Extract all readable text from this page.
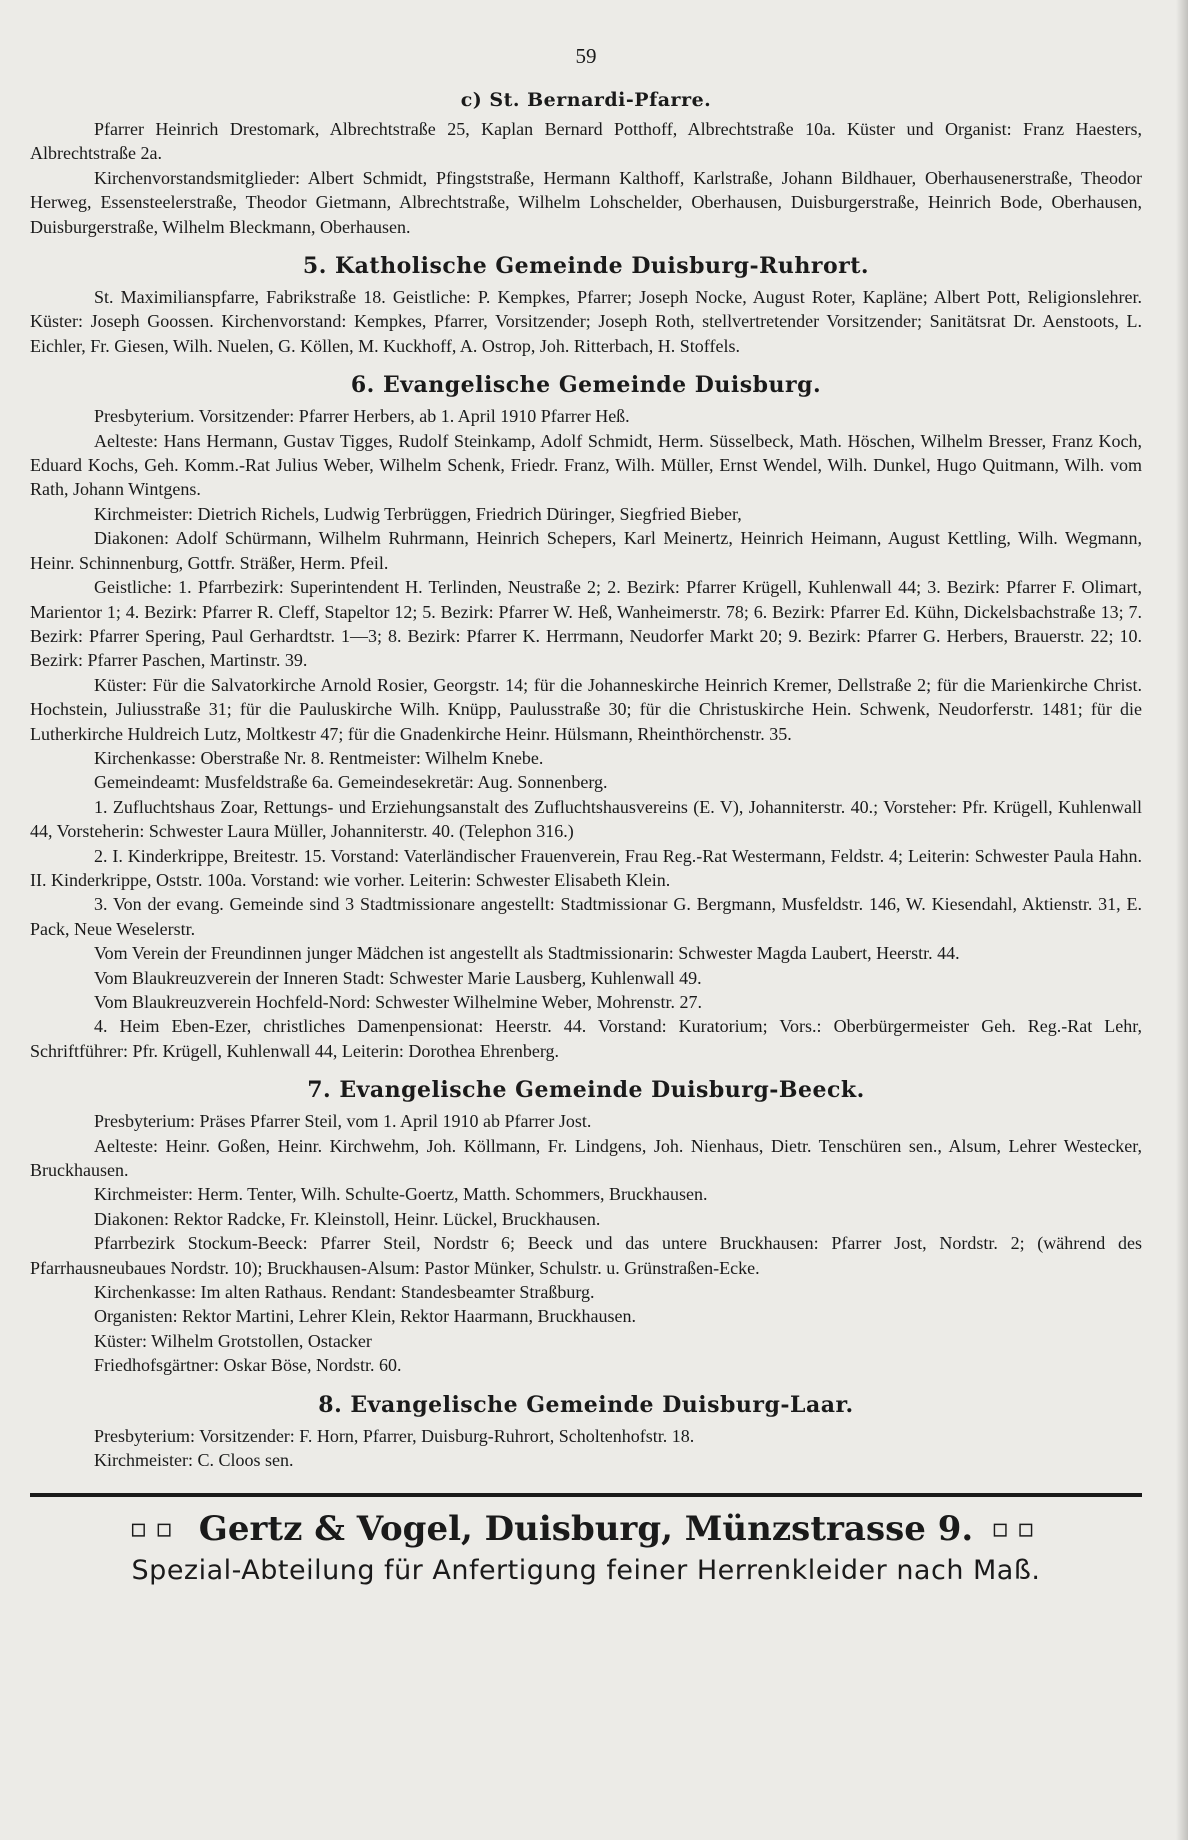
59
c) St. Bernardi-Pfarre.

Pfarrer Heinrich Drestomark, Albrechtstraße 25, Kaplan Bernard Potthoff, Albrechtstraße 10a. Küster und Organist: Franz Haesters, Albrechtstraße 2a.

Kirchenvorstandsmitglieder: Albert Schmidt, Pfingststraße, Hermann Kalthoff, Karlstraße, Johann Bildhauer, Oberhausenerstraße, Theodor Herweg, Essensteelerstraße, Theodor Gietmann, Albrechtstraße, Wilhelm Lohschelder, Oberhausen, Duisburgerstraße, Heinrich Bode, Oberhausen, Duisburgerstraße, Wilhelm Bleckmann, Oberhausen.

5. Katholische Gemeinde Duisburg-Ruhrort.

St. Maximilianspfarre, Fabrikstraße 18. Geistliche: P. Kempkes, Pfarrer; Joseph Nocke, August Roter, Kapläne; Albert Pott, Religionslehrer. Küster: Joseph Goossen. Kirchenvorstand: Kempkes, Pfarrer, Vorsitzender; Joseph Roth, stellvertretender Vorsitzender; Sanitätsrat Dr. Aenstoots, L. Eichler, Fr. Giesen, Wilh. Nuelen, G. Köllen, M. Kuckhoff, A. Ostrop, Joh. Ritterbach, H. Stoffels.

6. Evangelische Gemeinde Duisburg.

Presbyterium. Vorsitzender: Pfarrer Herbers, ab 1. April 1910 Pfarrer Heß.

Aelteste: Hans Hermann, Gustav Tigges, Rudolf Steinkamp, Adolf Schmidt, Herm. Süsselbeck, Math. Höschen, Wilhelm Bresser, Franz Koch, Eduard Kochs, Geh. Komm.-Rat Julius Weber, Wilhelm Schenk, Friedr. Franz, Wilh. Müller, Ernst Wendel, Wilh. Dunkel, Hugo Quitmann, Wilh. vom Rath, Johann Wintgens.

Kirchmeister: Dietrich Richels, Ludwig Terbrüggen, Friedrich Düringer, Siegfried Bieber,

Diakonen: Adolf Schürmann, Wilhelm Ruhrmann, Heinrich Schepers, Karl Meinertz, Heinrich Heimann, August Kettling, Wilh. Wegmann, Heinr. Schinnenburg, Gottfr. Sträßer, Herm. Pfeil.

Geistliche: 1. Pfarrbezirk: Superintendent H. Terlinden, Neustraße 2; 2. Bezirk: Pfarrer Krügell, Kuhlenwall 44; 3. Bezirk: Pfarrer F. Olimart, Marientor 1; 4. Bezirk: Pfarrer R. Cleff, Stapeltor 12; 5. Bezirk: Pfarrer W. Heß, Wanheimerstr. 78; 6. Bezirk: Pfarrer Ed. Kühn, Dickelsbachstraße 13; 7. Bezirk: Pfarrer Spering, Paul Gerhardtstr. 1—3; 8. Bezirk: Pfarrer K. Herrmann, Neudorfer Markt 20; 9. Bezirk: Pfarrer G. Herbers, Brauerstr. 22; 10. Bezirk: Pfarrer Paschen, Martinstr. 39.

Küster: Für die Salvatorkirche Arnold Rosier, Georgstr. 14; für die Johanneskirche Heinrich Kremer, Dellstraße 2; für die Marienkirche Christ. Hochstein, Juliusstraße 31; für die Pauluskirche Wilh. Knüpp, Paulusstraße 30; für die Christuskirche Hein. Schwenk, Neudorferstr. 1481; für die Lutherkirche Huldreich Lutz, Moltkestr 47; für die Gnadenkirche Heinr. Hülsmann, Rheinthörchenstr. 35.

Kirchenkasse: Oberstraße Nr. 8. Rentmeister: Wilhelm Knebe.

Gemeindeamt: Musfeldstraße 6a. Gemeindesekretär: Aug. Sonnenberg.

1. Zufluchtshaus Zoar, Rettungs- und Erziehungsanstalt des Zufluchtshausvereins (E. V), Johanniterstr. 40.; Vorsteher: Pfr. Krügell, Kuhlenwall 44, Vorsteherin: Schwester Laura Müller, Johanniterstr. 40. (Telephon 316.)

2. I. Kinderkrippe, Breitestr. 15. Vorstand: Vaterländischer Frauenverein, Frau Reg.-Rat Westermann, Feldstr. 4; Leiterin: Schwester Paula Hahn. II. Kinderkrippe, Oststr. 100a. Vorstand: wie vorher. Leiterin: Schwester Elisabeth Klein.

3. Von der evang. Gemeinde sind 3 Stadtmissionare angestellt: Stadtmissionar G. Bergmann, Musfeldstr. 146, W. Kiesendahl, Aktienstr. 31, E. Pack, Neue Weselerstr.

Vom Verein der Freundinnen junger Mädchen ist angestellt als Stadtmissionarin: Schwester Magda Laubert, Heerstr. 44.

Vom Blaukreuzverein der Inneren Stadt: Schwester Marie Lausberg, Kuhlenwall 49.

Vom Blaukreuzverein Hochfeld-Nord: Schwester Wilhelmine Weber, Mohrenstr. 27.

4. Heim Eben-Ezer, christliches Damenpensionat: Heerstr. 44. Vorstand: Kuratorium; Vors.: Oberbürgermeister Geh. Reg.-Rat Lehr, Schriftführer: Pfr. Krügell, Kuhlenwall 44, Leiterin: Dorothea Ehrenberg.

7. Evangelische Gemeinde Duisburg-Beeck.

Presbyterium: Präses Pfarrer Steil, vom 1. April 1910 ab Pfarrer Jost.

Aelteste: Heinr. Goßen, Heinr. Kirchwehm, Joh. Köllmann, Fr. Lindgens, Joh. Nienhaus, Dietr. Tenschüren sen., Alsum, Lehrer Westecker, Bruckhausen.

Kirchmeister: Herm. Tenter, Wilh. Schulte-Goertz, Matth. Schommers, Bruckhausen.

Diakonen: Rektor Radcke, Fr. Kleinstoll, Heinr. Lückel, Bruckhausen.

Pfarrbezirk Stockum-Beeck: Pfarrer Steil, Nordstr 6; Beeck und das untere Bruckhausen: Pfarrer Jost, Nordstr. 2; (während des Pfarrhausneubaues Nordstr. 10); Bruckhausen-Alsum: Pastor Münker, Schulstr. u. Grünstraßen-Ecke.

Kirchenkasse: Im alten Rathaus. Rendant: Standesbeamter Straßburg.

Organisten: Rektor Martini, Lehrer Klein, Rektor Haarmann, Bruckhausen.

Küster: Wilhelm Grotstollen, Ostacker

Friedhofsgärtner: Oskar Böse, Nordstr. 60.

8. Evangelische Gemeinde Duisburg-Laar.

Presbyterium: Vorsitzender: F. Horn, Pfarrer, Duisburg-Ruhrort, Scholtenhofstr. 18.

Kirchmeister: C. Cloos sen.

▫▫ Gertz & Vogel, Duisburg, Münzstrasse 9. ▫▫
Spezial-Abteilung für Anfertigung feiner Herrenkleider nach Maß.
